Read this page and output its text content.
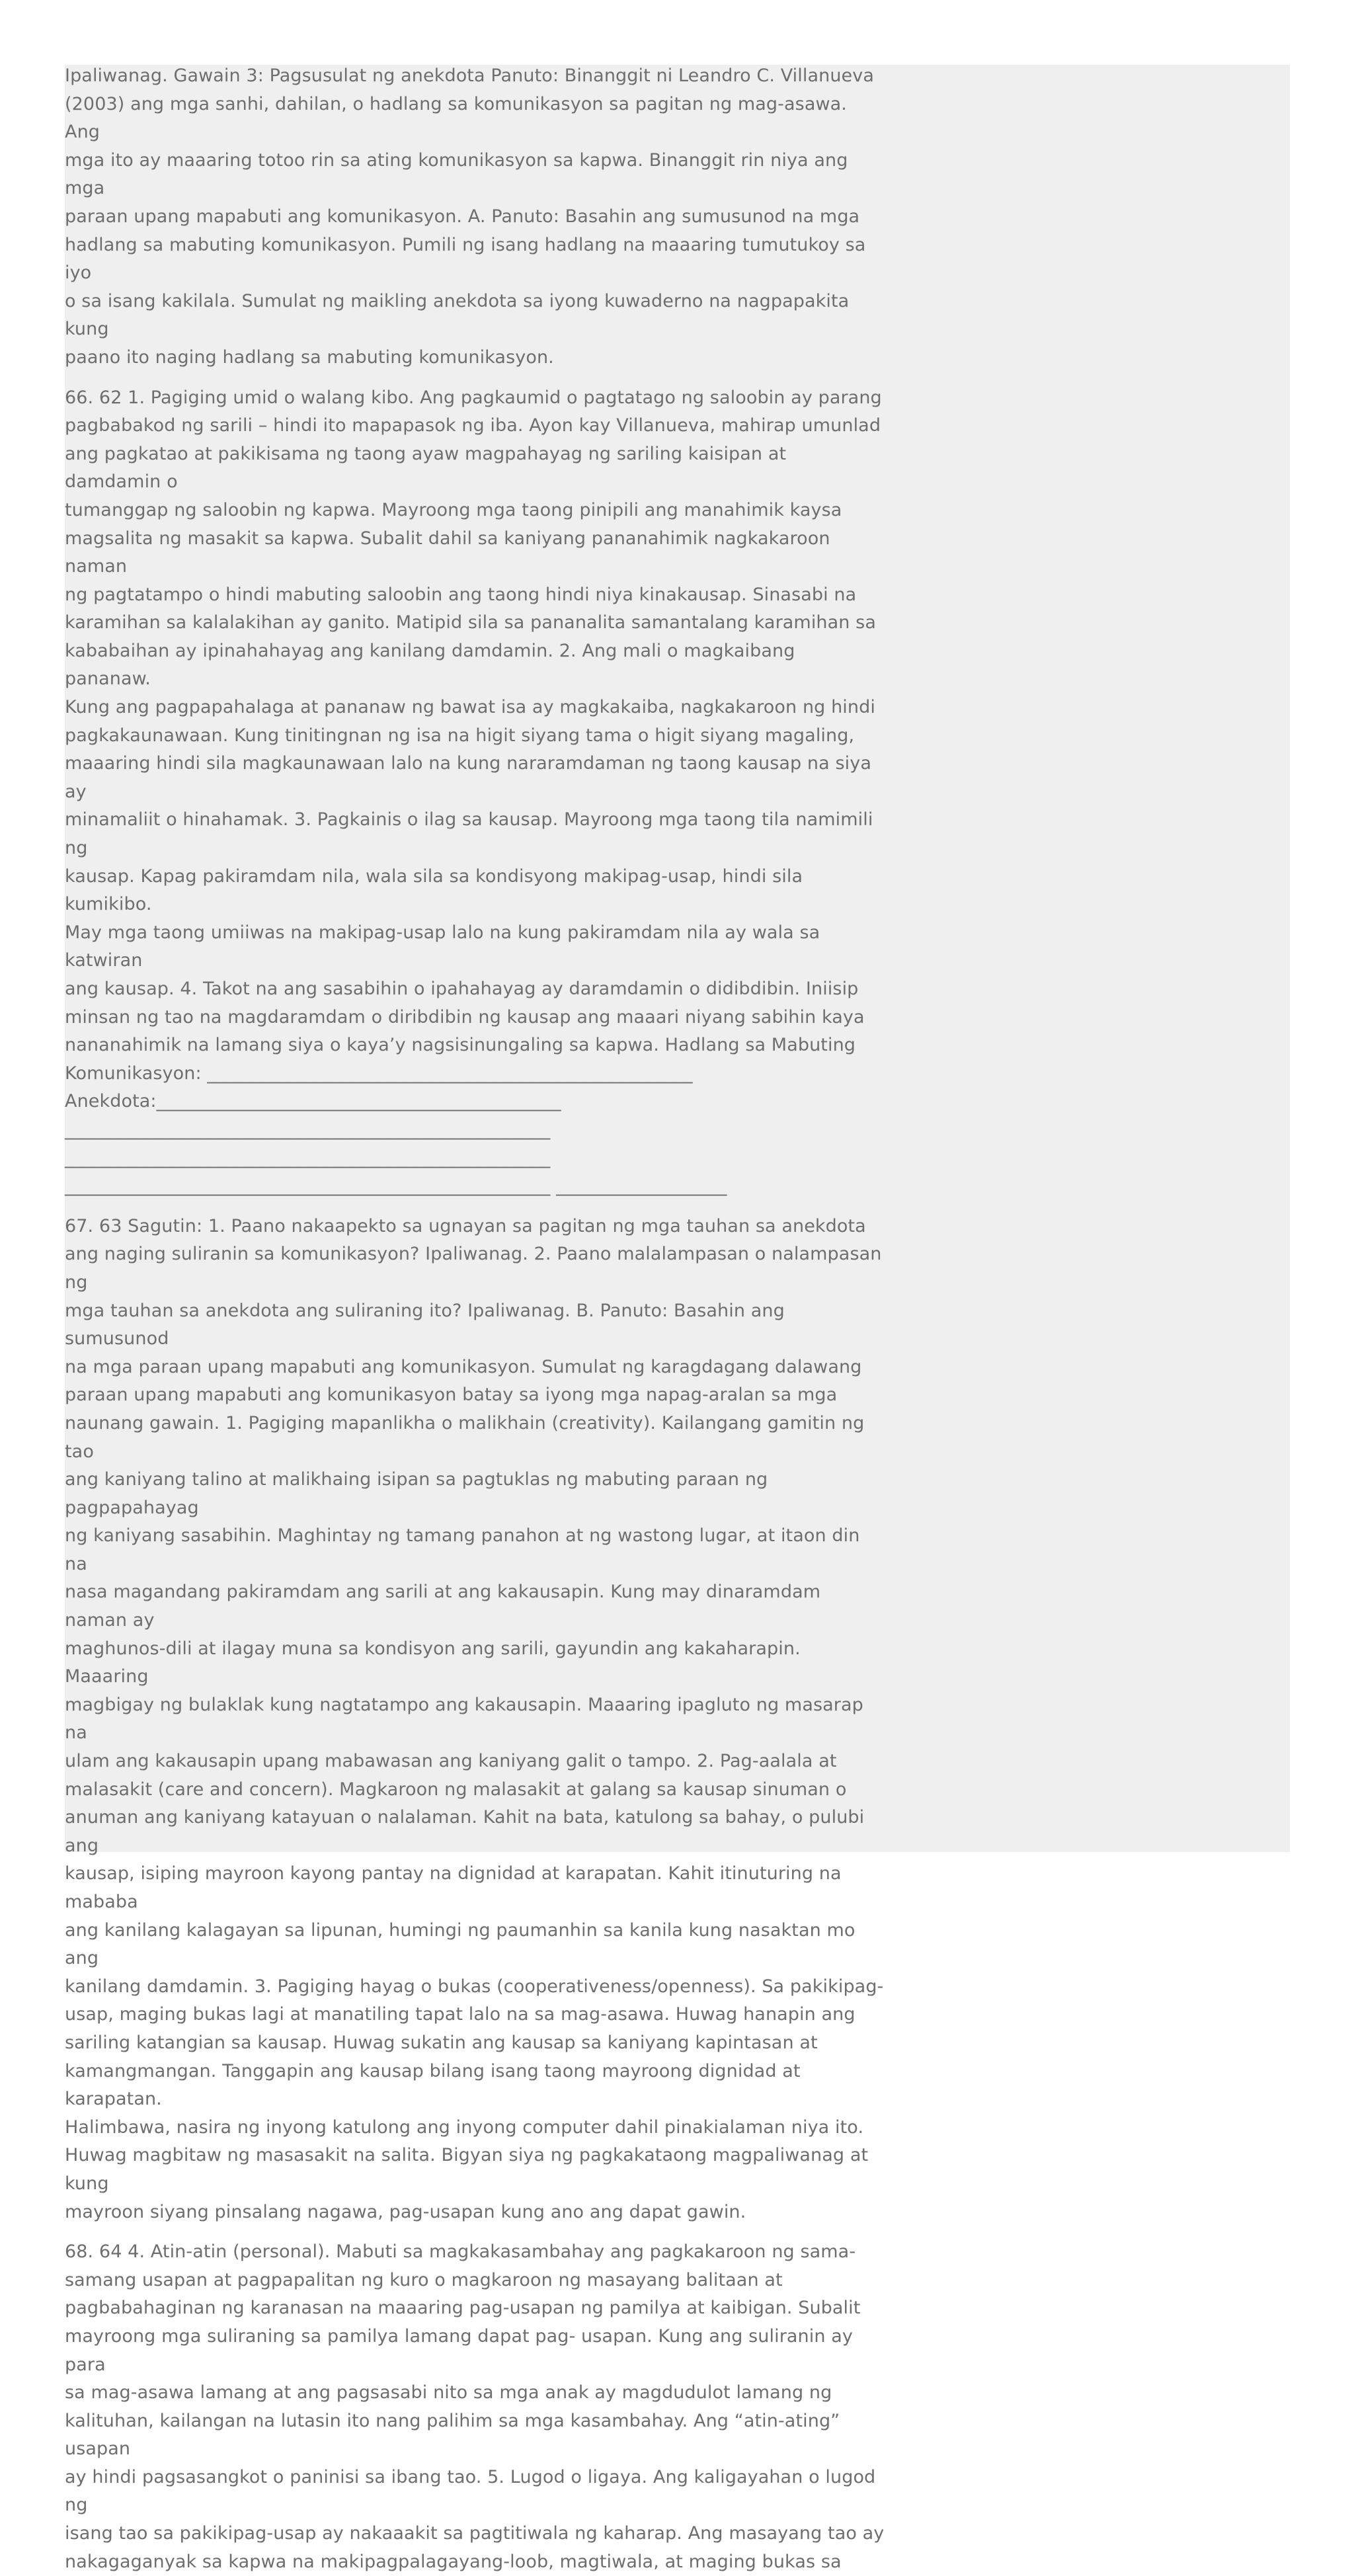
Ipaliwanag. Gawain 3: Pagsusulat ng anekdota Panuto: Binanggit ni Leandro C. Villanueva
(2003) ang mga sanhi, dahilan, o hadlang sa komunikasyon sa pagitan ng mag-asawa. Ang
mga ito ay maaaring totoo rin sa ating komunikasyon sa kapwa. Binanggit rin niya ang mga
paraan upang mapabuti ang komunikasyon. A. Panuto: Basahin ang sumusunod na mga
hadlang sa mabuting komunikasyon. Pumili ng isang hadlang na maaaring tumutukoy sa iyo
o sa isang kakilala. Sumulat ng maikling anekdota sa iyong kuwaderno na nagpapakita kung
paano ito naging hadlang sa mabuting komunikasyon.

66. 62 1. Pagiging umid o walang kibo. Ang pagkaumid o pagtatago ng saloobin ay parang
pagbabakod ng sarili – hindi ito mapapasok ng iba. Ayon kay Villanueva, mahirap umunlad
ang pagkatao at pakikisama ng taong ayaw magpahayag ng sariling kaisipan at damdamin o
tumanggap ng saloobin ng kapwa. Mayroong mga taong pinipili ang manahimik kaysa
magsalita ng masakit sa kapwa. Subalit dahil sa kaniyang pananahimik nagkakaroon naman
ng pagtatampo o hindi mabuting saloobin ang taong hindi niya kinakausap. Sinasabi na
karamihan sa kalalakihan ay ganito. Matipid sila sa pananalita samantalang karamihan sa
kababaihan ay ipinahahayag ang kanilang damdamin. 2. Ang mali o magkaibang pananaw.
Kung ang pagpapahalaga at pananaw ng bawat isa ay magkakaiba, nagkakaroon ng hindi
pagkakaunawaan. Kung tinitingnan ng isa na higit siyang tama o higit siyang magaling,
maaaring hindi sila magkaunawaan lalo na kung nararamdaman ng taong kausap na siya ay
minamaliit o hinahamak. 3. Pagkainis o ilag sa kausap. Mayroong mga taong tila namimili ng
kausap. Kapag pakiramdam nila, wala sila sa kondisyong makipag-usap, hindi sila kumikibo.
May mga taong umiiwas na makipag-usap lalo na kung pakiramdam nila ay wala sa katwiran
ang kausap. 4. Takot na ang sasabihin o ipahahayag ay daramdamin o didibdibin. Iniisip
minsan ng tao na magdaramdam o diribdibin ng kausap ang maaari niyang sabihin kaya
nananahimik na lamang siya o kaya’y nagsisinungaling sa kapwa. Hadlang sa Mabuting
Komunikasyon: ______________________________________________________
Anekdota:_____________________________________________
______________________________________________________
______________________________________________________
______________________________________________________ ___________________

67. 63 Sagutin: 1. Paano nakaapekto sa ugnayan sa pagitan ng mga tauhan sa anekdota
ang naging suliranin sa komunikasyon? Ipaliwanag. 2. Paano malalampasan o nalampasan ng
mga tauhan sa anekdota ang suliraning ito? Ipaliwanag. B. Panuto: Basahin ang sumusunod
na mga paraan upang mapabuti ang komunikasyon. Sumulat ng karagdagang dalawang
paraan upang mapabuti ang komunikasyon batay sa iyong mga napag-aralan sa mga
naunang gawain. 1. Pagiging mapanlikha o malikhain (creativity). Kailangang gamitin ng tao
ang kaniyang talino at malikhaing isipan sa pagtuklas ng mabuting paraan ng pagpapahayag
ng kaniyang sasabihin. Maghintay ng tamang panahon at ng wastong lugar, at itaon din na
nasa magandang pakiramdam ang sarili at ang kakausapin. Kung may dinaramdam naman ay
maghunos-dili at ilagay muna sa kondisyon ang sarili, gayundin ang kakaharapin. Maaaring
magbigay ng bulaklak kung nagtatampo ang kakausapin. Maaaring ipagluto ng masarap na
ulam ang kakausapin upang mabawasan ang kaniyang galit o tampo. 2. Pag-aalala at
malasakit (care and concern). Magkaroon ng malasakit at galang sa kausap sinuman o
anuman ang kaniyang katayuan o nalalaman. Kahit na bata, katulong sa bahay, o pulubi ang
kausap, isiping mayroon kayong pantay na dignidad at karapatan. Kahit itinuturing na mababa
ang kanilang kalagayan sa lipunan, humingi ng paumanhin sa kanila kung nasaktan mo ang
kanilang damdamin. 3. Pagiging hayag o bukas (cooperativeness/openness). Sa pakikipag-
usap, maging bukas lagi at manatiling tapat lalo na sa mag-asawa. Huwag hanapin ang
sariling katangian sa kausap. Huwag sukatin ang kausap sa kaniyang kapintasan at
kamangmangan. Tanggapin ang kausap bilang isang taong mayroong dignidad at karapatan.
Halimbawa, nasira ng inyong katulong ang inyong computer dahil pinakialaman niya ito.
Huwag magbitaw ng masasakit na salita. Bigyan siya ng pagkakataong magpaliwanag at kung
mayroon siyang pinsalang nagawa, pag-usapan kung ano ang dapat gawin.

68. 64 4. Atin-atin (personal). Mabuti sa magkakasambahay ang pagkakaroon ng sama-
samang usapan at pagpapalitan ng kuro o magkaroon ng masayang balitaan at
pagbabahaginan ng karanasan na maaaring pag-usapan ng pamilya at kaibigan. Subalit
mayroong mga suliraning sa pamilya lamang dapat pag- usapan. Kung ang suliranin ay para
sa mag-asawa lamang at ang pagsasabi nito sa mga anak ay magdudulot lamang ng
kalituhan, kailangan na lutasin ito nang palihim sa mga kasambahay. Ang “atin-ating” usapan
ay hindi pagsasangkot o paninisi sa ibang tao. 5. Lugod o ligaya. Ang kaligayahan o lugod ng
isang tao sa pakikipag-usap ay nakaaakit sa pagtitiwala ng kaharap. Ang masayang tao ay
nakagaganyak sa kapwa na makipagpalagayang-loob, magtiwala, at maging bukas sa
